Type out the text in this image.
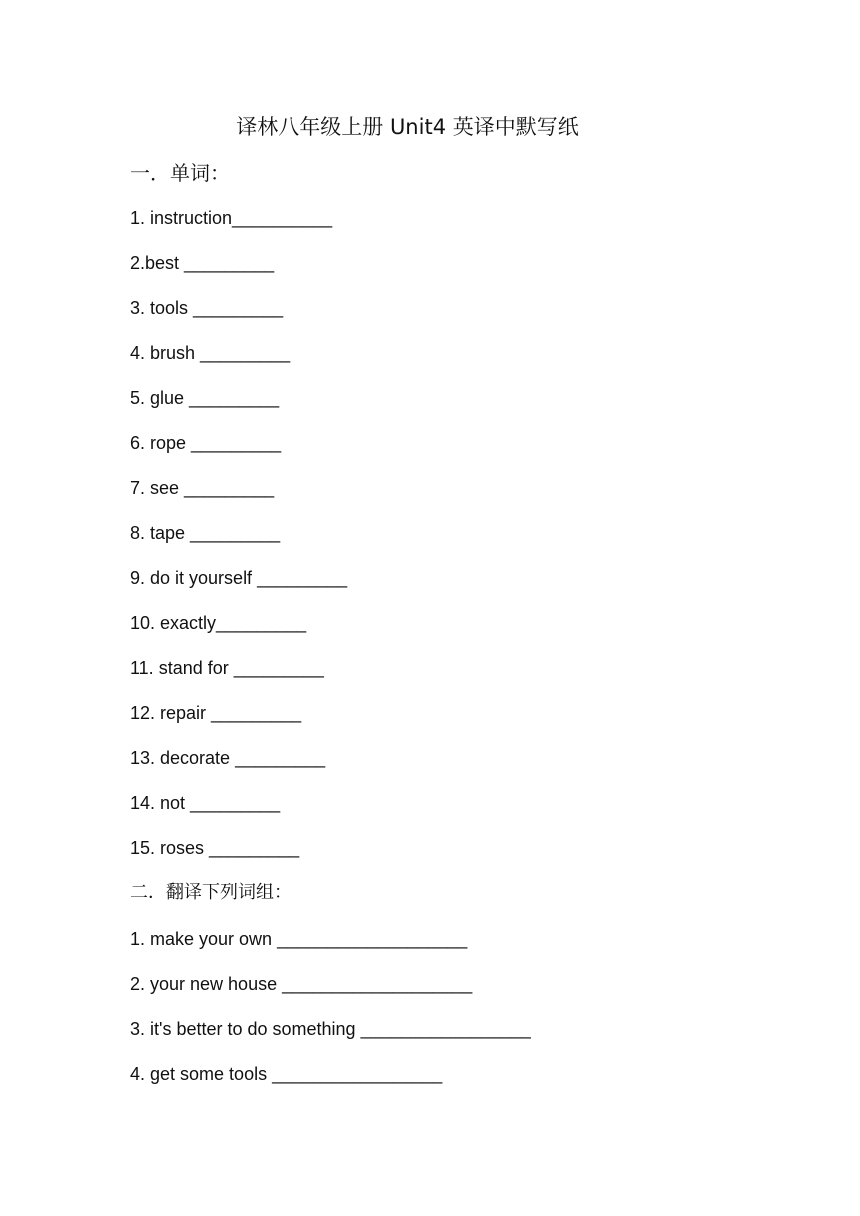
译林八年级上册 Unit4 英译中默写纸
一．单词：
1. instruction__________
2.best _________
3. tools _________
4. brush _________
5. glue _________
6. rope _________
7. see _________
8. tape _________
9. do it yourself _________
10. exactly_________
11. stand for _________
12. repair _________
13. decorate _________
14. not _________
15. roses _________
二．翻译下列词组：
1. make your own ___________________
2. your new house ___________________
3. it's better to do something _________________
4. get some tools _________________
